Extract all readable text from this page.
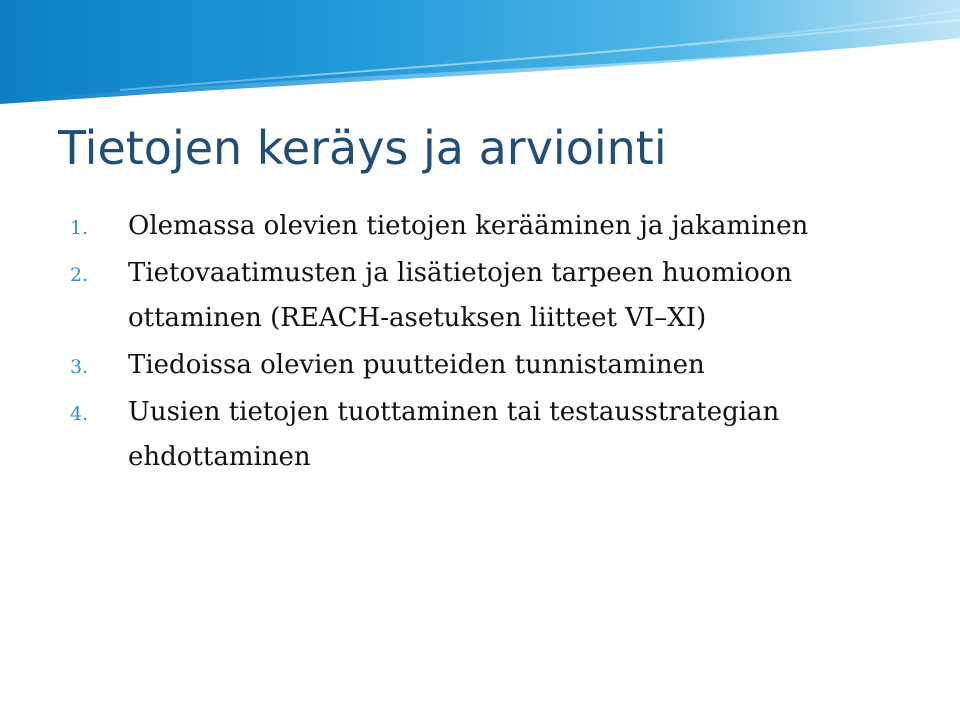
Tietojen keräys ja arviointi
1. Olemassa olevien tietojen kerääminen ja jakaminen
2. Tietovaatimusten ja lisätietojen tarpeen huomioon ottaminen (REACH-asetuksen liitteet VI–XI)
3. Tiedoissa olevien puutteiden tunnistaminen
4. Uusien tietojen tuottaminen tai testausstrategian ehdottaminen
